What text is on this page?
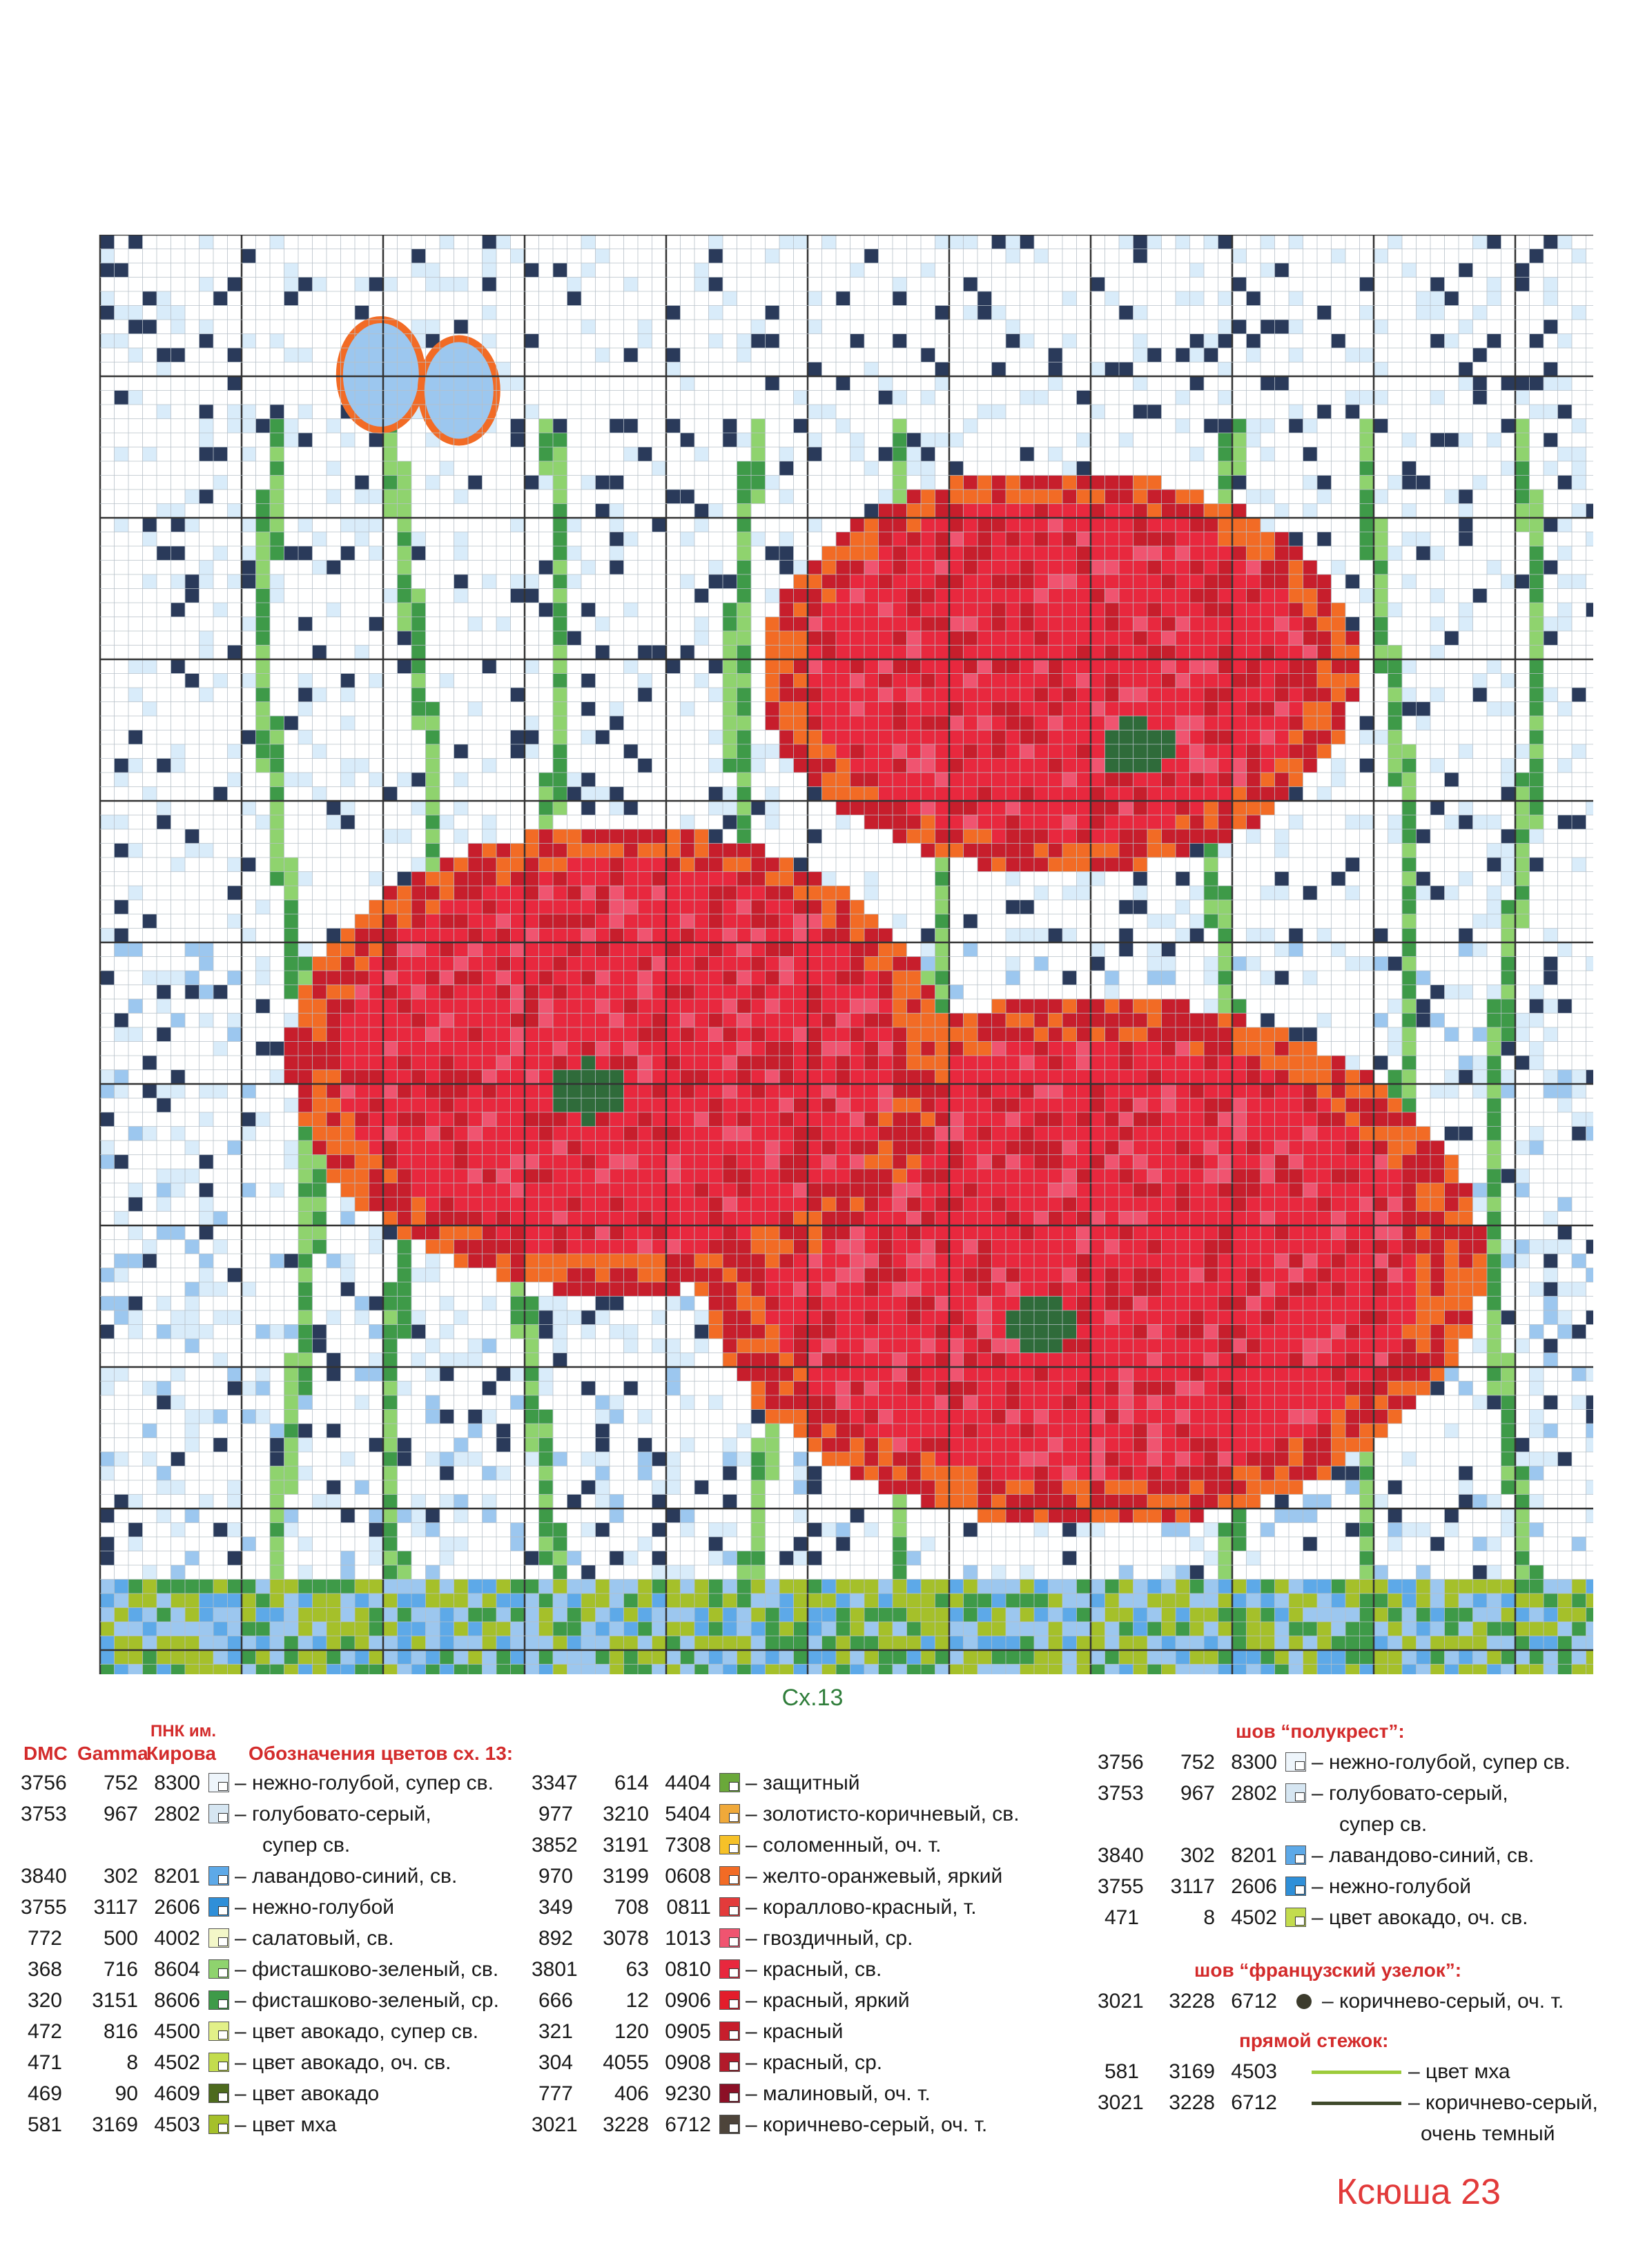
Сх.13
DMC Gamma
ПНК им.
Кирова Обозначения цветов сх. 13:
3756	752 8300 – нежно-голубой, супер св.
3753	967 2802 – голубовато-серый,
супер св.
3840	302 8201 – лавандово-синий, св.
3755	3117 2606 – нежно-голубой
772	500 4002 – салатовый, св.
368	716 8604 – фисташково-зеленый, св.
320	3151 8606 – фисташково-зеленый, ср.
472	816 4500 – цвет авокадо, супер св.
471	8 4502 – цвет авокадо, оч. св.
469	90 4609 – цвет авокадо
581	3169 4503 – цвет мха
3347	614 4404 – защитный
977	3210 5404 – золотисто-коричневый, св.
3852	3191 7308 – соломенный, оч. т.
970	3199 0608 – желто-оранжевый, яркий
349	708 0811 – кораллово-красный, т.
892	3078 1013 – гвоздичный, ср.
3801	63 0810 – красный, св.
666	12 0906 – красный, яркий
321	120 0905 – красный
304	4055 0908 – красный, ср.
777	406 9230 – малиновый, оч. т.
3021	3228 6712 – коричнево-серый, оч. т.
шов “полукрест”:
3756	752 8300 – нежно-голубой, супер св.
3753	967 2802 – голубовато-серый,
супер св.
3840	302 8201 – лавандово-синий, св.
3755	3117 2606 – нежно-голубой
471	8 4502 – цвет авокадо, оч. св.
шов “французский узелок”:
3021	3228 6712 – коричнево-серый, оч. т.
прямой стежок:
581	3169 4503	– цвет мха
3021	3228 6712	– коричнево-серый,
очень темный
Ксюша 23
